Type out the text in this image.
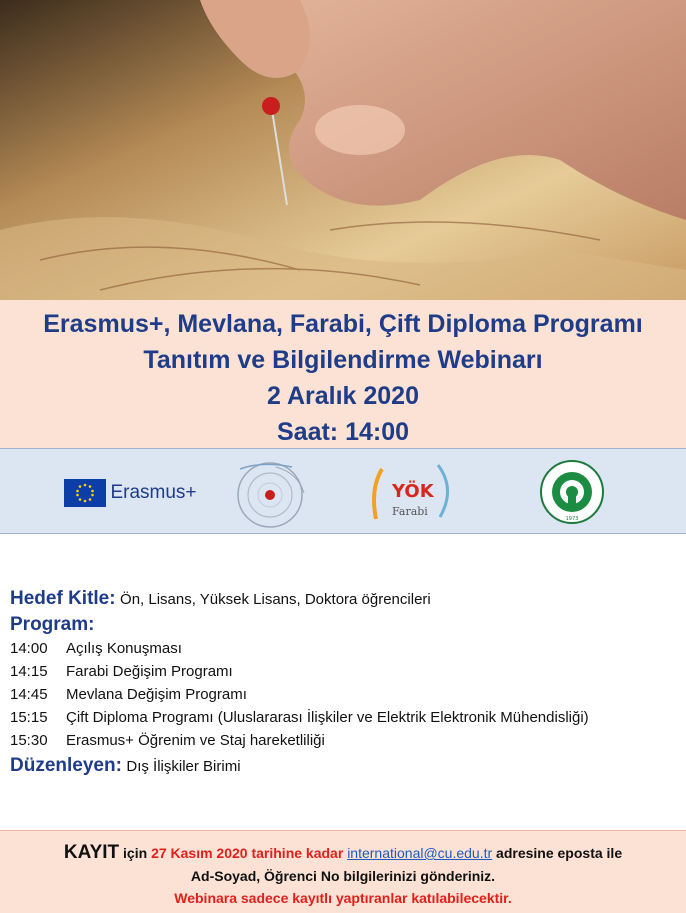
Erasmus+, Mevlana, Farabi, Çift Diploma Programı
Tanıtım ve Bilgilendirme Webinarı
2 Aralık 2020
Saat: 14:00
Erasmus+	YÖK
Farabi
1973
Hedef Kitle: Ön, Lisans, Yüksek Lisans, Doktora öğrencileri
Program:
14:00 Açılış Konuşması
14:15 Farabi Değişim Programı
14:45 Mevlana Değişim Programı
15:15 Çift Diploma Programı (Uluslararası İlişkiler ve Elektrik Elektronik Mühendisliği)
15:30 Erasmus+ Öğrenim ve Staj hareketliliği
Düzenleyen: Dış İlişkiler Birimi
KAYIT için 27 Kasım 2020 tarihine kadar international@cu.edu.tr adresine eposta ile
Ad-Soyad, Öğrenci No bilgilerinizi gönderiniz.
Webinara sadece kayıtlı yaptıranlar katılabilecektir.
